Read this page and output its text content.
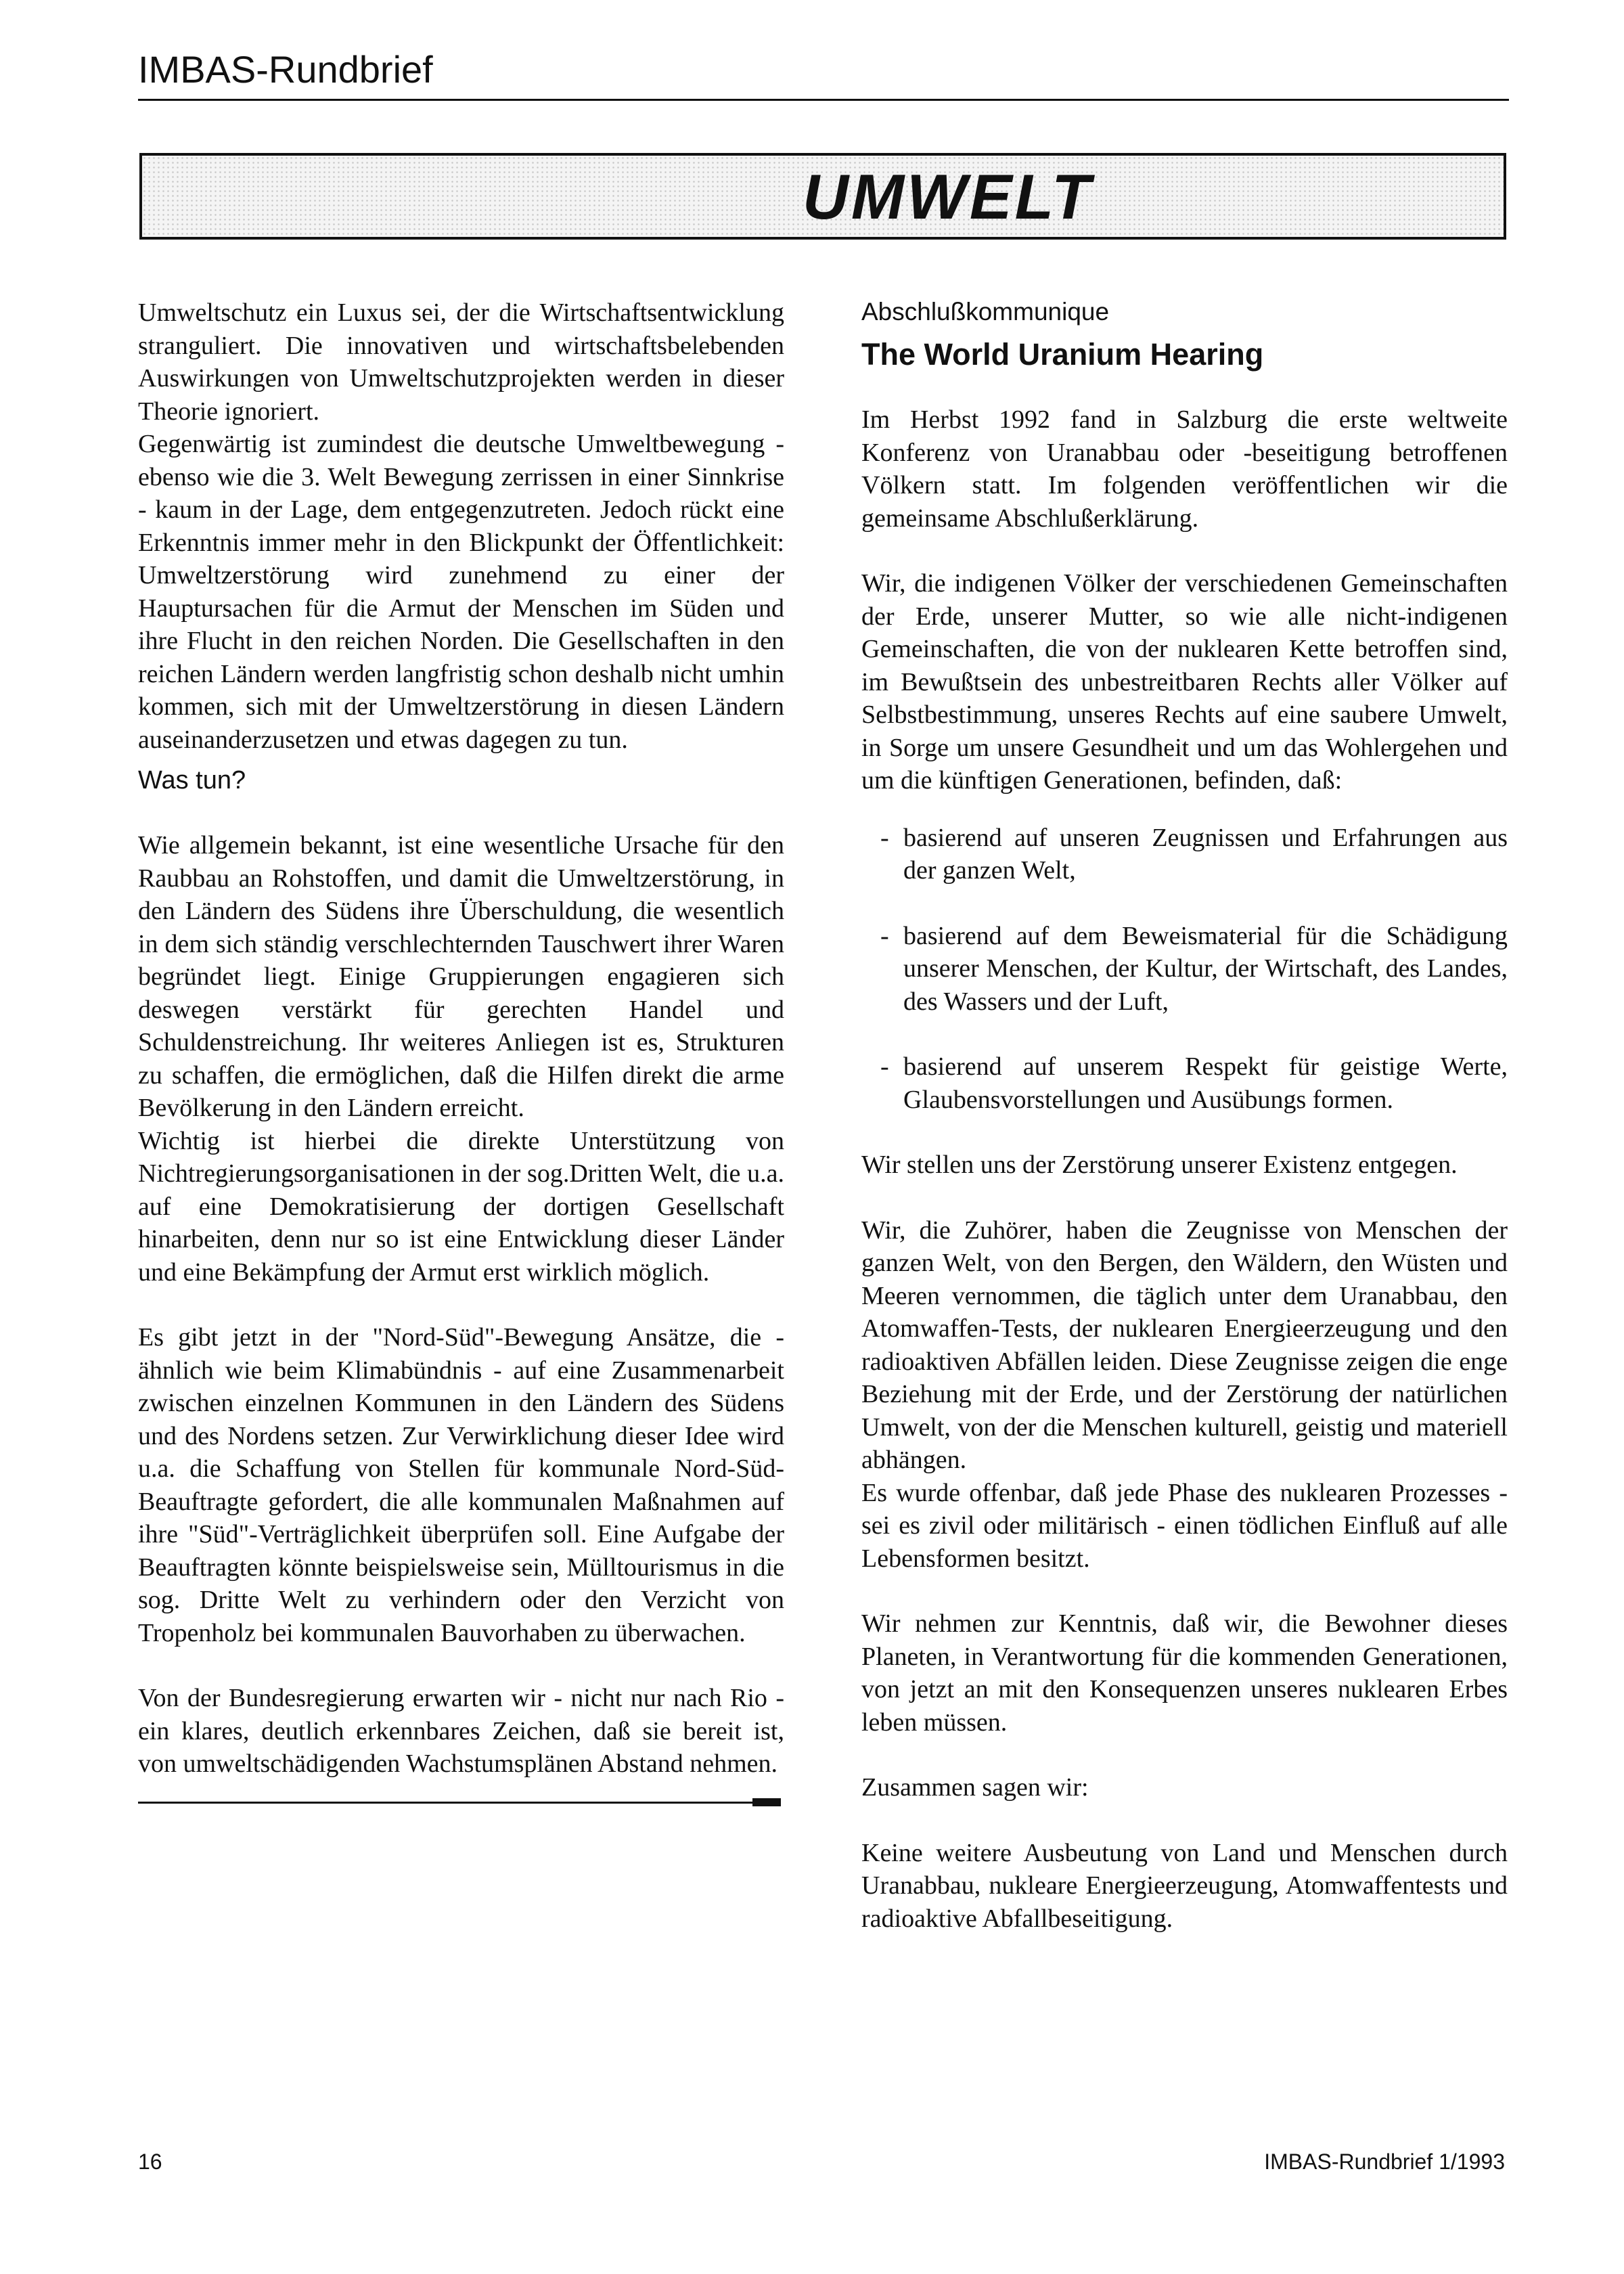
IMBAS-Rundbrief
UMWELT

Umweltschutz ein Luxus sei, der die Wirtschaftsentwicklung stranguliert. Die innovativen und wirtschaftsbelebenden Auswirkungen von Umweltschutzprojekten werden in dieser Theorie ignoriert.

Gegenwärtig ist zumindest die deutsche Umweltbewegung - ebenso wie die 3. Welt Bewegung zerrissen in einer Sinnkrise - kaum in der Lage, dem entgegenzutreten. Jedoch rückt eine Erkenntnis immer mehr in den Blickpunkt der Öffentlichkeit: Umweltzerstörung wird zunehmend zu einer der Hauptursachen für die Armut der Menschen im Süden und ihre Flucht in den reichen Norden. Die Gesellschaften in den reichen Ländern werden langfristig schon deshalb nicht umhin kommen, sich mit der Umweltzerstörung in diesen Ländern auseinanderzusetzen und etwas dagegen zu tun.

Was tun?

Wie allgemein bekannt, ist eine wesentliche Ursache für den Raubbau an Rohstoffen, und damit die Umweltzerstörung, in den Ländern des Südens ihre Überschuldung, die wesentlich in dem sich ständig verschlechternden Tauschwert ihrer Waren begründet liegt. Einige Gruppierungen engagieren sich deswegen verstärkt für gerechten Handel und Schuldenstreichung. Ihr weiteres Anliegen ist es, Strukturen zu schaffen, die ermöglichen, daß die Hilfen direkt die arme Bevölkerung in den Ländern erreicht.

Wichtig ist hierbei die direkte Unterstützung von Nichtregierungsorganisationen in der sog.Dritten Welt, die u.a. auf eine Demokratisierung der dortigen Gesellschaft hinarbeiten, denn nur so ist eine Entwicklung dieser Länder und eine Bekämpfung der Armut erst wirklich möglich.

Es gibt jetzt in der "Nord-Süd"-Bewegung Ansätze, die - ähnlich wie beim Klimabündnis - auf eine Zusammenarbeit zwischen einzelnen Kommunen in den Ländern des Südens und des Nordens setzen. Zur Verwirklichung dieser Idee wird u.a. die Schaffung von Stellen für kommunale Nord-Süd-Beauftragte gefordert, die alle kommunalen Maßnahmen auf ihre "Süd"-Verträglichkeit überprüfen soll. Eine Aufgabe der Beauftragten könnte beispielsweise sein, Mülltourismus in die sog. Dritte Welt zu verhindern oder den Verzicht von Tropenholz bei kommunalen Bauvorhaben zu überwachen.

Von der Bundesregierung erwarten wir - nicht nur nach Rio - ein klares, deutlich erkennbares Zeichen, daß sie bereit ist, von umweltschädigenden Wachstumsplänen Abstand nehmen.

Abschlußkommunique
The World Uranium Hearing

Im Herbst 1992 fand in Salzburg die erste weltweite Konferenz von Uranabbau oder -beseitigung betroffenen Völkern statt. Im folgenden veröffentlichen wir die gemeinsame Abschlußerklärung.

Wir, die indigenen Völker der verschiedenen Gemeinschaften der Erde, unserer Mutter, so wie alle nicht-indigenen Gemeinschaften, die von der nuklearen Kette betroffen sind, im Bewußtsein des unbestreitbaren Rechts aller Völker auf Selbstbestimmung, unseres Rechts auf eine saubere Umwelt, in Sorge um unsere Gesundheit und um das Wohlergehen und um die künftigen Generationen, befinden, daß:

- basierend auf unseren Zeugnissen und Erfahrungen aus der ganzen Welt,
- basierend auf dem Beweismaterial für die Schädigung unserer Menschen, der Kultur, der Wirtschaft, des Landes, des Wassers und der Luft,
- basierend auf unserem Respekt für geistige Werte, Glaubensvorstellungen und Ausübungs formen.

Wir stellen uns der Zerstörung unserer Existenz entgegen.

Wir, die Zuhörer, haben die Zeugnisse von Menschen der ganzen Welt, von den Bergen, den Wäldern, den Wüsten und Meeren vernommen, die täglich unter dem Uranabbau, den Atomwaffen-Tests, der nuklearen Energieerzeugung und den radioaktiven Abfällen leiden. Diese Zeugnisse zeigen die enge Beziehung mit der Erde, und der Zerstörung der natürlichen Umwelt, von der die Menschen kulturell, geistig und materiell abhängen.

Es wurde offenbar, daß jede Phase des nuklearen Prozesses - sei es zivil oder militärisch - einen tödlichen Einfluß auf alle Lebensformen besitzt.

Wir nehmen zur Kenntnis, daß wir, die Bewohner dieses Planeten, in Verantwortung für die kommenden Generationen, von jetzt an mit den Konsequenzen unseres nuklearen Erbes leben müssen.

Zusammen sagen wir:

Keine weitere Ausbeutung von Land und Menschen durch Uranabbau, nukleare Energieerzeugung, Atomwaffentests und radioaktive Abfallbeseitigung.

16	IMBAS-Rundbrief 1/1993
